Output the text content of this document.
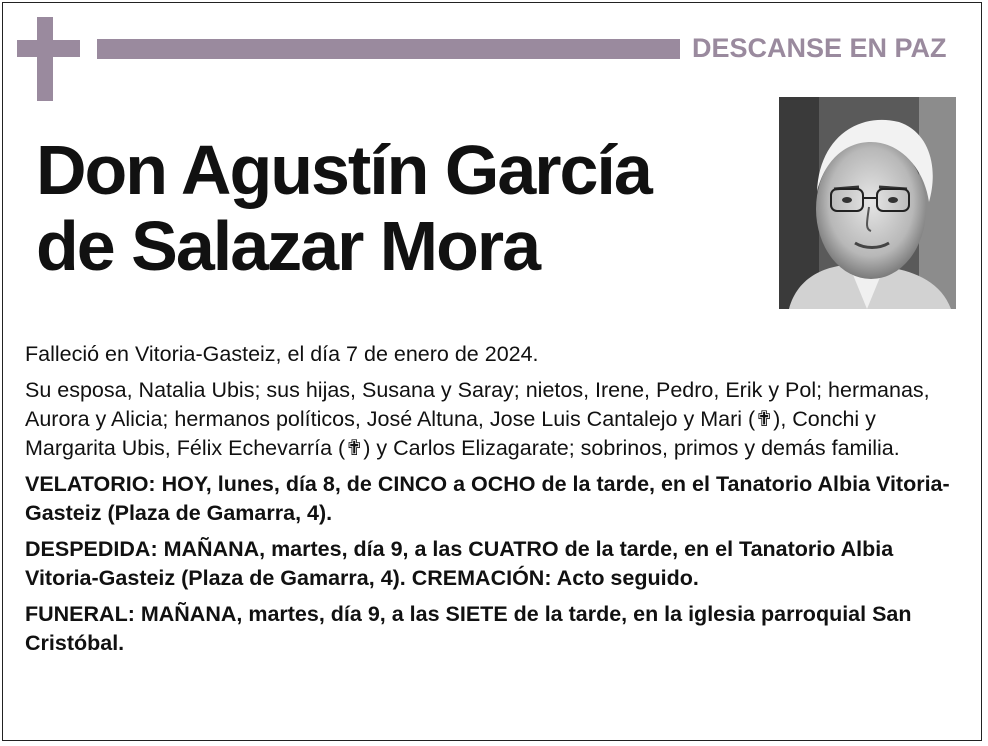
DESCANSE EN PAZ
Don Agustín García
de Salazar Mora

Falleció en Vitoria-Gasteiz, el día 7 de enero de 2024.

Su esposa, Natalia Ubis; sus hijas, Susana y Saray; nietos, Irene, Pedro, Erik y Pol; hermanas, Aurora y Alicia; hermanos políticos, José Altuna, Jose Luis Cantalejo y Mari (✟), Conchi y Margarita Ubis, Félix Echevarría (✟) y Carlos Elizagarate; sobrinos, primos y demás familia.

VELATORIO: HOY, lunes, día 8, de CINCO a OCHO de la tarde, en el Tanatorio Albia Vitoria-Gasteiz (Plaza de Gamarra, 4).

DESPEDIDA: MAÑANA, martes, día 9, a las CUATRO de la tarde, en el Tanatorio Albia Vitoria-Gasteiz (Plaza de Gamarra, 4). CREMACIÓN: Acto seguido.

FUNERAL: MAÑANA, martes, día 9, a las SIETE de la tarde, en la iglesia parroquial San Cristóbal.
